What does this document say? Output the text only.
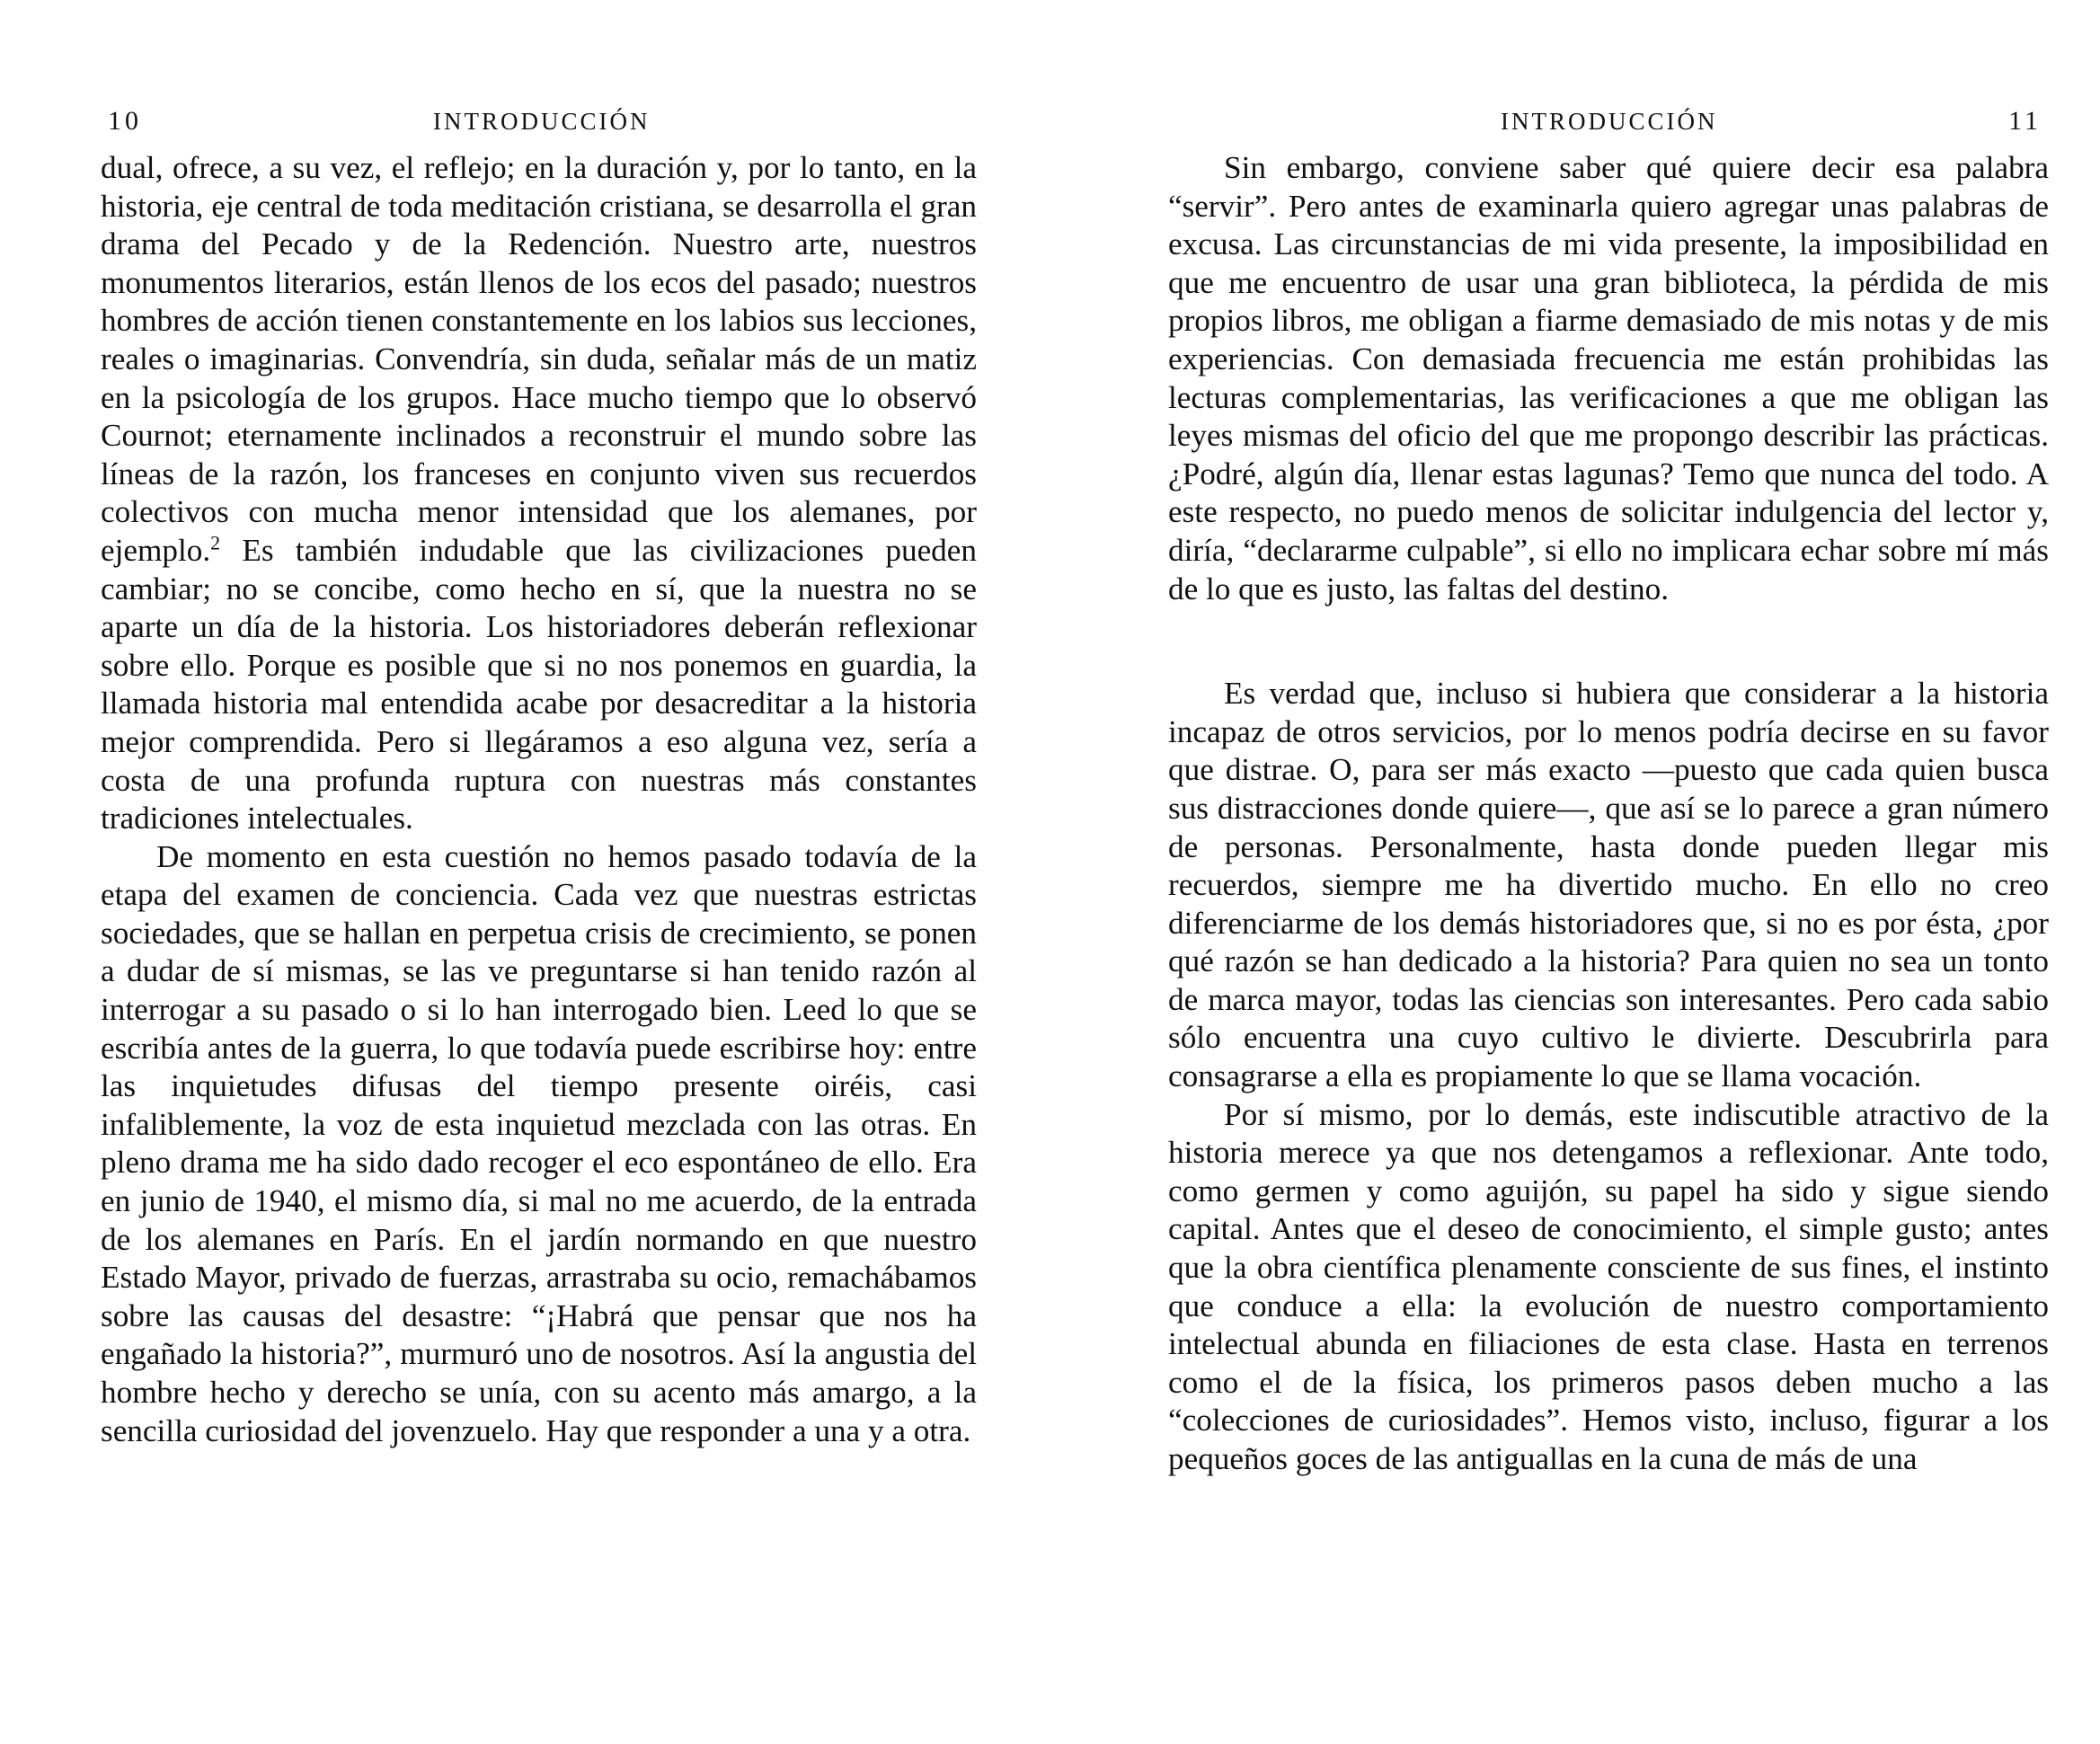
10	INTRODUCCIÓN

dual, ofrece, a su vez, el reflejo; en la duración y, por lo tanto, en la historia, eje central de toda meditación cristiana, se desarrolla el gran drama del Pecado y de la Redención. Nuestro arte, nuestros monumentos literarios, están llenos de los ecos del pasado; nuestros hombres de acción tienen constantemente en los labios sus lecciones, reales o imaginarias. Convendría, sin duda, señalar más de un matiz en la psicología de los grupos. Hace mucho tiempo que lo observó Cournot; eternamente inclinados a reconstruir el mundo sobre las líneas de la razón, los franceses en conjunto viven sus recuerdos colectivos con mucha menor intensidad que los alemanes, por ejemplo.$^2$ Es también indudable que las civilizaciones pueden cambiar; no se concibe, como hecho en sí, que la nuestra no se aparte un día de la historia. Los historiadores deberán reflexionar sobre ello. Porque es posible que si no nos ponemos en guardia, la llamada historia mal entendida acabe por desacreditar a la historia mejor comprendida. Pero si llegáramos a eso alguna vez, sería a costa de una profunda ruptura con nuestras más constantes tradiciones intelectuales.

De momento en esta cuestión no hemos pasado todavía de la etapa del examen de conciencia. Cada vez que nuestras estrictas sociedades, que se hallan en perpetua crisis de crecimiento, se ponen a dudar de sí mismas, se las ve preguntarse si han tenido razón al interrogar a su pasado o si lo han interrogado bien. Leed lo que se escribía antes de la guerra, lo que todavía puede escribirse hoy: entre las inquietudes difusas del tiempo presente oiréis, casi infaliblemente, la voz de esta inquietud mezclada con las otras. En pleno drama me ha sido dado recoger el eco espontáneo de ello. Era en junio de 1940, el mismo día, si mal no me acuerdo, de la entrada de los alemanes en París. En el jardín normando en que nuestro Estado Mayor, privado de fuerzas, arrastraba su ocio, remachábamos sobre las causas del desastre: “¡Habrá que pensar que nos ha engañado la historia?”, murmuró uno de nosotros. Así la angustia del hombre hecho y derecho se unía, con su acento más amargo, a la sencilla curiosidad del jovenzuelo. Hay que responder a una y a otra.

INTRODUCCIÓN	11

Sin embargo, conviene saber qué quiere decir esa palabra “servir”. Pero antes de examinarla quiero agregar unas palabras de excusa. Las circunstancias de mi vida presente, la imposibilidad en que me encuentro de usar una gran biblioteca, la pérdida de mis propios libros, me obligan a fiarme demasiado de mis notas y de mis experiencias. Con demasiada frecuencia me están prohibidas las lecturas complementarias, las verificaciones a que me obligan las leyes mismas del oficio del que me propongo describir las prácticas. ¿Podré, algún día, llenar estas lagunas? Temo que nunca del todo. A este respecto, no puedo menos de solicitar indulgencia del lector y, diría, “declararme culpable”, si ello no implicara echar sobre mí más de lo que es justo, las faltas del destino.

Es verdad que, incluso si hubiera que considerar a la historia incapaz de otros servicios, por lo menos podría decirse en su favor que distrae. O, para ser más exacto —puesto que cada quien busca sus distracciones donde quiere—, que así se lo parece a gran número de personas. Personalmente, hasta donde pueden llegar mis recuerdos, siempre me ha divertido mucho. En ello no creo diferenciarme de los demás historiadores que, si no es por ésta, ¿por qué razón se han dedicado a la historia? Para quien no sea un tonto de marca mayor, todas las ciencias son interesantes. Pero cada sabio sólo encuentra una cuyo cultivo le divierte. Descubrirla para consagrarse a ella es propiamente lo que se llama vocación.

Por sí mismo, por lo demás, este indiscutible atractivo de la historia merece ya que nos detengamos a reflexionar. Ante todo, como germen y como aguijón, su papel ha sido y sigue siendo capital. Antes que el deseo de conocimiento, el simple gusto; antes que la obra científica plenamente consciente de sus fines, el instinto que conduce a ella: la evolución de nuestro comportamiento intelectual abunda en filiaciones de esta clase. Hasta en terrenos como el de la física, los primeros pasos deben mucho a las “colecciones de curiosidades”. Hemos visto, incluso, figurar a los pequeños goces de las antiguallas en la cuna de más de una
